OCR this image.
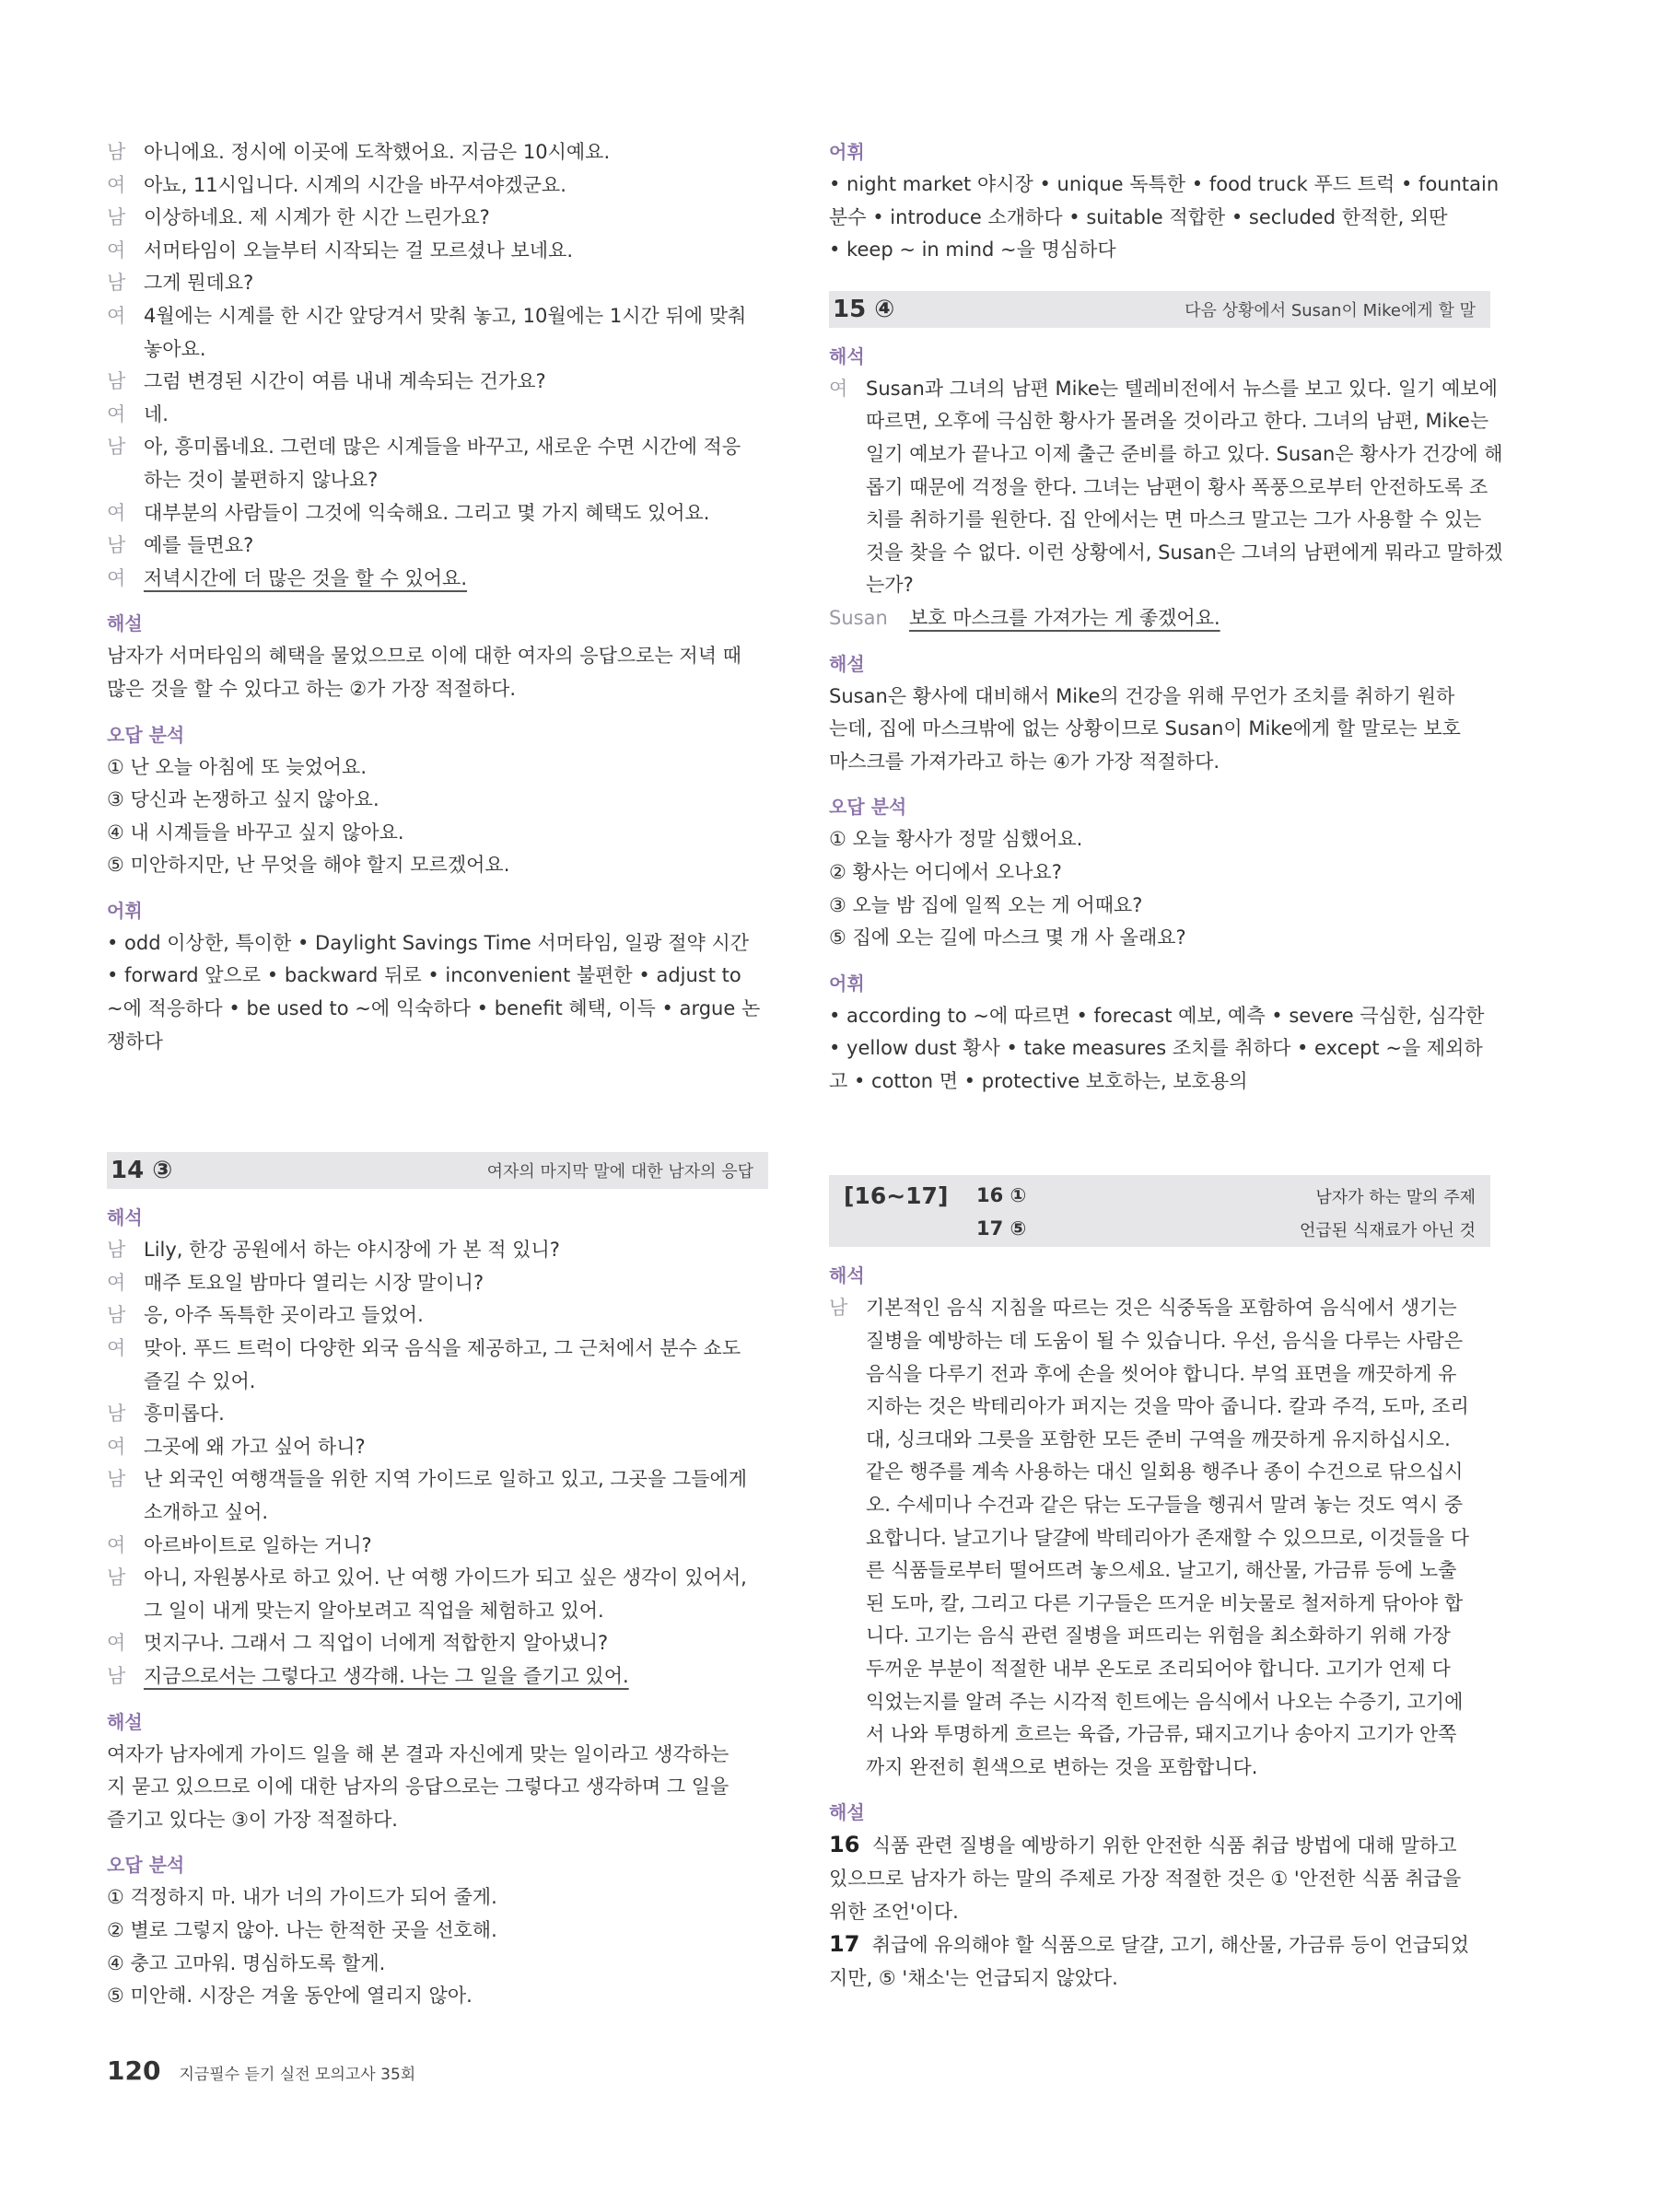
남 아니에요. 정시에 이곳에 도착했어요. 지금은 10시예요.
여 아뇨, 11시입니다. 시계의 시간을 바꾸셔야겠군요.
남 이상하네요. 제 시계가 한 시간 느린가요?
여 서머타임이 오늘부터 시작되는 걸 모르셨나 보네요.
남 그게 뭔데요?
여 4월에는 시계를 한 시간 앞당겨서 맞춰 놓고, 10월에는 1시간 뒤에 맞춰
놓아요.
남 그럼 변경된 시간이 여름 내내 계속되는 건가요?
여 네.
남 아, 흥미롭네요. 그런데 많은 시계들을 바꾸고, 새로운 수면 시간에 적응
하는 것이 불편하지 않나요?
여 대부분의 사람들이 그것에 익숙해요. 그리고 몇 가지 혜택도 있어요.
남 예를 들면요?
여 저녁시간에 더 많은 것을 할 수 있어요.
해설
남자가 서머타임의 혜택을 물었으므로 이에 대한 여자의 응답으로는 저녁 때
많은 것을 할 수 있다고 하는 ②가 가장 적절하다.
오답 분석
① 난 오늘 아침에 또 늦었어요.
③ 당신과 논쟁하고 싶지 않아요.
④ 내 시계들을 바꾸고 싶지 않아요.
⑤ 미안하지만, 난 무엇을 해야 할지 모르겠어요.
어휘
• odd 이상한, 특이한 • Daylight Savings Time 서머타임, 일광 절약 시간
• forward 앞으로 • backward 뒤로 • inconvenient 불편한 • adjust to
~에 적응하다 • be used to ~에 익숙하다 • benefit 혜택, 이득 • argue 논
쟁하다
14 ③	여자의 마지막 말에 대한 남자의 응답
해석
남 Lily, 한강 공원에서 하는 야시장에 가 본 적 있니?
여 매주 토요일 밤마다 열리는 시장 말이니?
남 응, 아주 독특한 곳이라고 들었어.
여 맞아. 푸드 트럭이 다양한 외국 음식을 제공하고, 그 근처에서 분수 쇼도
즐길 수 있어.
남 흥미롭다.
여 그곳에 왜 가고 싶어 하니?
남 난 외국인 여행객들을 위한 지역 가이드로 일하고 있고, 그곳을 그들에게
소개하고 싶어.
여 아르바이트로 일하는 거니?
남 아니, 자원봉사로 하고 있어. 난 여행 가이드가 되고 싶은 생각이 있어서,
그 일이 내게 맞는지 알아보려고 직업을 체험하고 있어.
여 멋지구나. 그래서 그 직업이 너에게 적합한지 알아냈니?
남 지금으로서는 그렇다고 생각해. 나는 그 일을 즐기고 있어.
해설
여자가 남자에게 가이드 일을 해 본 결과 자신에게 맞는 일이라고 생각하는
지 묻고 있으므로 이에 대한 남자의 응답으로는 그렇다고 생각하며 그 일을
즐기고 있다는 ③이 가장 적절하다.
오답 분석
① 걱정하지 마. 내가 너의 가이드가 되어 줄게.
② 별로 그렇지 않아. 나는 한적한 곳을 선호해.
④ 충고 고마워. 명심하도록 할게.
⑤ 미안해. 시장은 겨울 동안에 열리지 않아.
어휘
• night market 야시장 • unique 독특한 • food truck 푸드 트럭 • fountain
분수 • introduce 소개하다 • suitable 적합한 • secluded 한적한, 외딴
• keep ~ in mind ~을 명심하다
15 ④	다음 상황에서 Susan이 Mike에게 할 말
해석
여 Susan과 그녀의 남편 Mike는 텔레비전에서 뉴스를 보고 있다. 일기 예보에
따르면, 오후에 극심한 황사가 몰려올 것이라고 한다. 그녀의 남편, Mike는
일기 예보가 끝나고 이제 출근 준비를 하고 있다. Susan은 황사가 건강에 해
롭기 때문에 걱정을 한다. 그녀는 남편이 황사 폭풍으로부터 안전하도록 조
치를 취하기를 원한다. 집 안에서는 면 마스크 말고는 그가 사용할 수 있는
것을 찾을 수 없다. 이런 상황에서, Susan은 그녀의 남편에게 뭐라고 말하겠
는가?
Susan	보호 마스크를 가져가는 게 좋겠어요.
해설
Susan은 황사에 대비해서 Mike의 건강을 위해 무언가 조치를 취하기 원하
는데, 집에 마스크밖에 없는 상황이므로 Susan이 Mike에게 할 말로는 보호
마스크를 가져가라고 하는 ④가 가장 적절하다.
오답 분석
① 오늘 황사가 정말 심했어요.
② 황사는 어디에서 오나요?
③ 오늘 밤 집에 일찍 오는 게 어때요?
⑤ 집에 오는 길에 마스크 몇 개 사 올래요?
어휘
• according to ~에 따르면 • forecast 예보, 예측 • severe 극심한, 심각한
• yellow dust 황사 • take measures 조치를 취하다 • except ~을 제외하
고 • cotton 면 • protective 보호하는, 보호용의
[16~17] 16 ①	남자가 하는 말의 주제
17 ⑤	언급된 식재료가 아닌 것
해석
남 기본적인 음식 지침을 따르는 것은 식중독을 포함하여 음식에서 생기는
질병을 예방하는 데 도움이 될 수 있습니다. 우선, 음식을 다루는 사람은
음식을 다루기 전과 후에 손을 씻어야 합니다. 부엌 표면을 깨끗하게 유
지하는 것은 박테리아가 퍼지는 것을 막아 줍니다. 칼과 주걱, 도마, 조리
대, 싱크대와 그릇을 포함한 모든 준비 구역을 깨끗하게 유지하십시오.
같은 행주를 계속 사용하는 대신 일회용 행주나 종이 수건으로 닦으십시
오. 수세미나 수건과 같은 닦는 도구들을 헹궈서 말려 놓는 것도 역시 중
요합니다. 날고기나 달걀에 박테리아가 존재할 수 있으므로, 이것들을 다
른 식품들로부터 떨어뜨려 놓으세요. 날고기, 해산물, 가금류 등에 노출
된 도마, 칼, 그리고 다른 기구들은 뜨거운 비눗물로 철저하게 닦아야 합
니다. 고기는 음식 관련 질병을 퍼뜨리는 위험을 최소화하기 위해 가장
두꺼운 부분이 적절한 내부 온도로 조리되어야 합니다. 고기가 언제 다
익었는지를 알려 주는 시각적 힌트에는 음식에서 나오는 수증기, 고기에
서 나와 투명하게 흐르는 육즙, 가금류, 돼지고기나 송아지 고기가 안쪽
까지 완전히 흰색으로 변하는 것을 포함합니다.
해설
16 식품 관련 질병을 예방하기 위한 안전한 식품 취급 방법에 대해 말하고
있으므로 남자가 하는 말의 주제로 가장 적절한 것은 ① '안전한 식품 취급을
위한 조언'이다.
17 취급에 유의해야 할 식품으로 달걀, 고기, 해산물, 가금류 등이 언급되었
지만, ⑤ '채소'는 언급되지 않았다.
120 지금필수 듣기 실전 모의고사 35회
